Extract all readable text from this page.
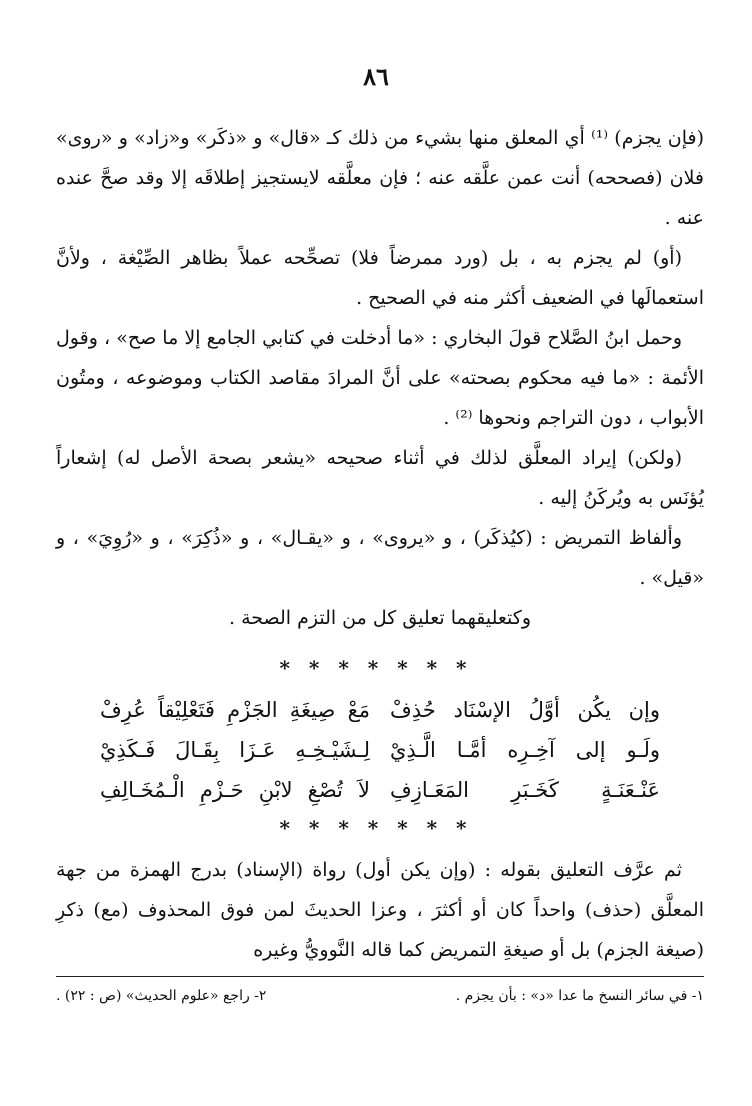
٨٦

(فإن يجزم) ⁽¹⁾ أي المعلق منها بشيء من ذلك كـ «قال» و «ذكَر» و«زاد» و «روى» فلان (فصححه) أنت عمن علَّقه عنه ؛ فإن معلَّقه لايستجيز إطلاقَه إلا وقد صحَّ عنده عنه .

(أو) لم يجزم به ، بل (ورد ممرضاً فلا) تصحِّحه عملاً بظاهر الصِّيْغة ، ولأنَّ استعمالَها في الضعيف أكثر منه في الصحيح .

وحمل ابنُ الصَّلاح قولَ البخاري : «ما أدخلت في كتابي الجامع إلا ما صح» ، وقول الأئمة : «ما فيه محكوم بصحته» على أنَّ المرادَ مقاصد الكتاب وموضوعه ، ومتُون الأبواب ، دون التراجم ونحوها ⁽²⁾ .

(ولكن) إيراد المعلَّق لذلك في أثناء صحيحه «يشعر بصحة الأصل له) إشعاراً يُؤنَس به ويُركَنُ إليه .

وألفاظ التمريض : (كيُذكَر) ، و «يروى» ، و «يقـال» ، و «ذُكِرَ» ، و «رُوِيَ» ، و «قيل» .

وكتعليقهما تعليق كل من التزم الصحة .

* * * * * * *
وإن يكُن أوَّلُ الإسْنَاد حُذِفْ
مَعْ صِيغَةِ الجَزْمِ فَتَعْلِيْقاً عُرِفْ
ولَـو إلى آخِـرِه أمَّـا الَّـذِيْ
لِـشَيْـخِـهِ عَـزَا بِقَـالَ فَـكَذِيْ
عَنْـعَنَـةٍ كَخَـبَرِ المَعَـازِفِ
لاَ تُصْغِ لابْنِ حَـزْمِ الْـمُخَـالِفِ
* * * * * * *

ثم عرَّف التعليق بقوله : (وإن يكن أول) رواة (الإسناد) بدرج الهمزة من جهة المعلَّق (حذف) واحداً كان أو أكثرَ ، وعزا الحديثَ لمن فوق المحذوف (مع) ذكرِ (صيغة الجزم) بل أو صيغةِ التمريض كما قاله النَّوويُّ وغيره

١- في سائر النسخ ما عدا «د» : بأن يجزم .
٢- راجع «علوم الحديث» (ص : ٢٢) .
